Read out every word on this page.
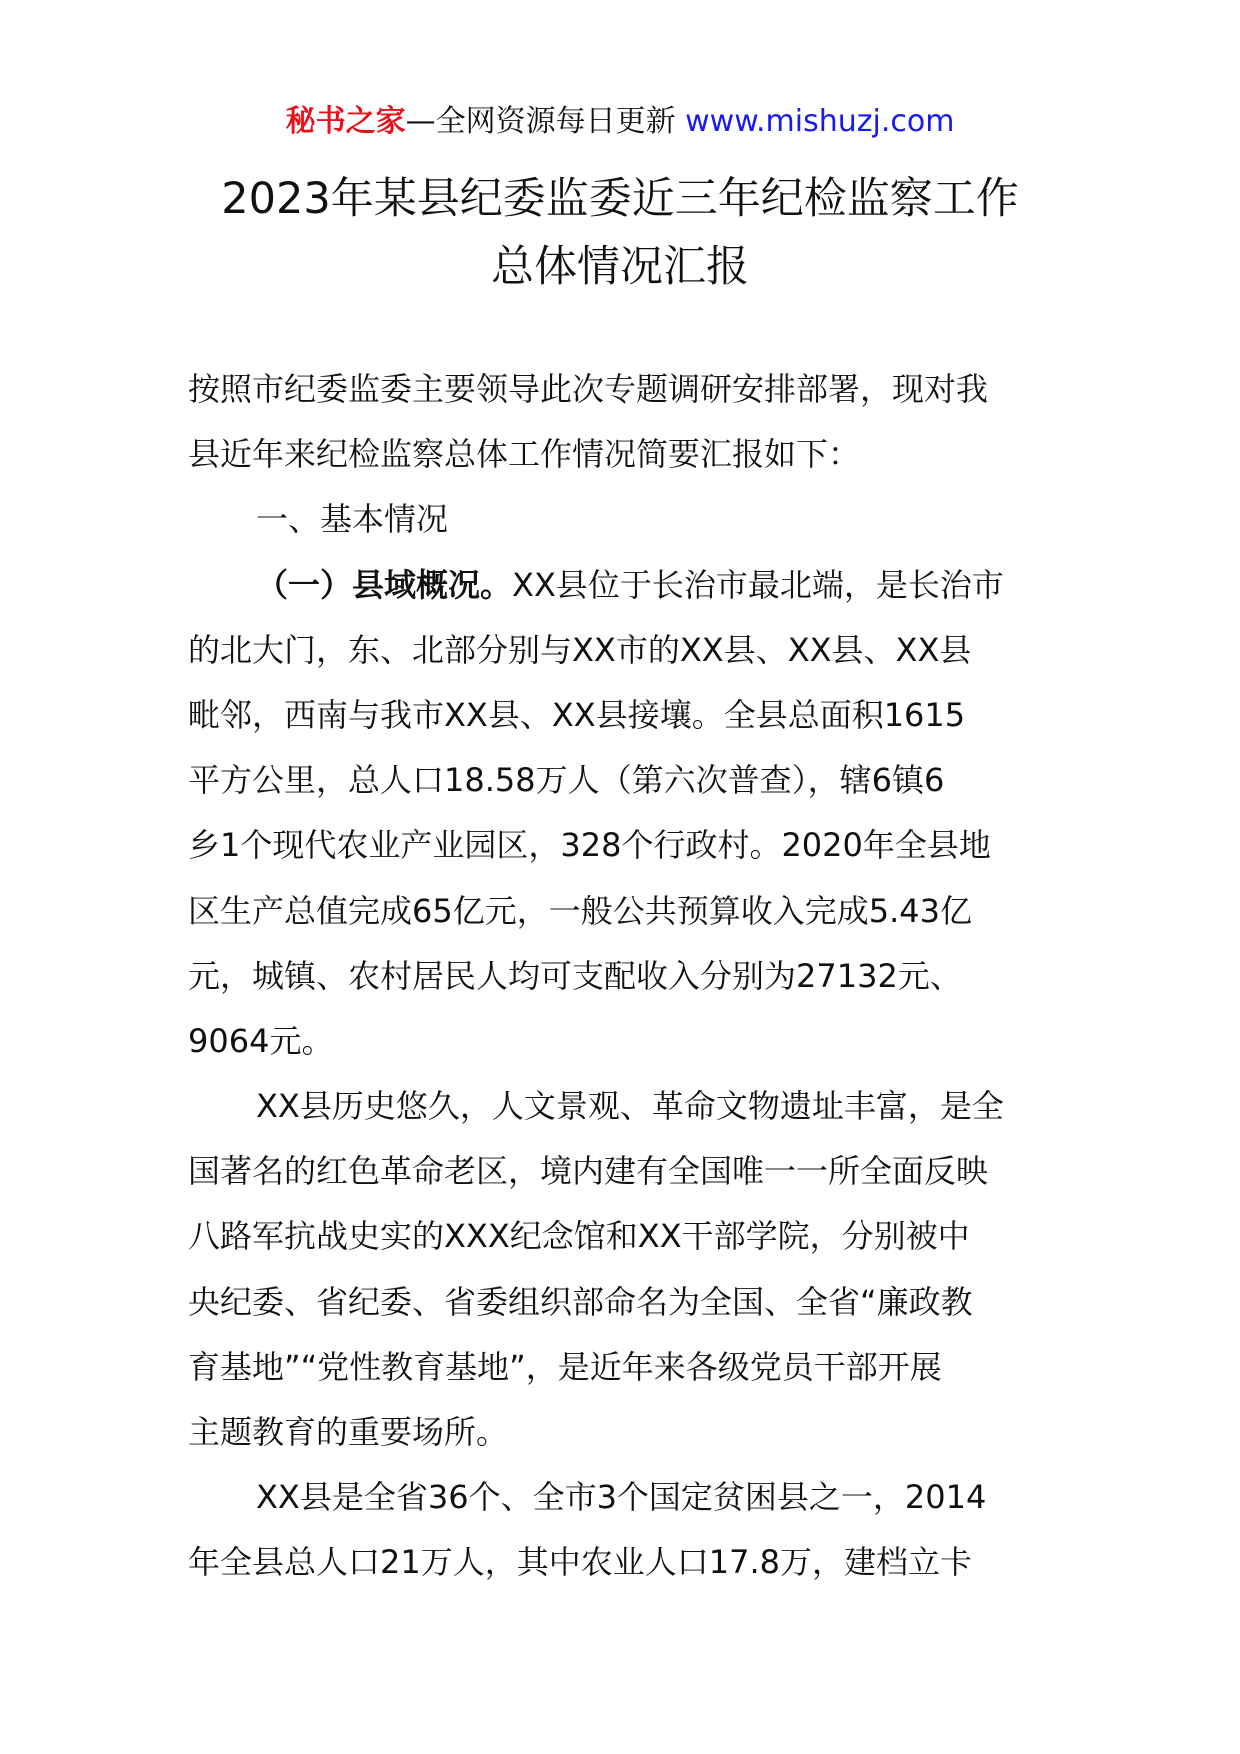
秘书之家—全网资源每日更新 www.mishuzj.com
2023年某县纪委监委近三年纪检监察工作
总体情况汇报
按照市纪委监委主要领导此次专题调研安排部署，现对我
县近年来纪检监察总体工作情况简要汇报如下：
一、基本情况
（一）县域概况。XX县位于长治市最北端，是长治市
的北大门，东、北部分别与XX市的XX县、XX县、XX县
毗邻，西南与我市XX县、XX县接壤。全县总面积1615
平方公里，总人口18.58万人（第六次普查），辖6镇6
乡1个现代农业产业园区，328个行政村。2020年全县地
区生产总值完成65亿元，一般公共预算收入完成5.43亿
元，城镇、农村居民人均可支配收入分别为27132元、
9064元。
XX县历史悠久，人文景观、革命文物遗址丰富，是全
国著名的红色革命老区，境内建有全国唯一一所全面反映
八路军抗战史实的XXX纪念馆和XX干部学院，分别被中
央纪委、省纪委、省委组织部命名为全国、全省“廉政教
育基地”“党性教育基地”，是近年来各级党员干部开展
主题教育的重要场所。
XX县是全省36个、全市3个国定贫困县之一，2014
年全县总人口21万人，其中农业人口17.8万，建档立卡
